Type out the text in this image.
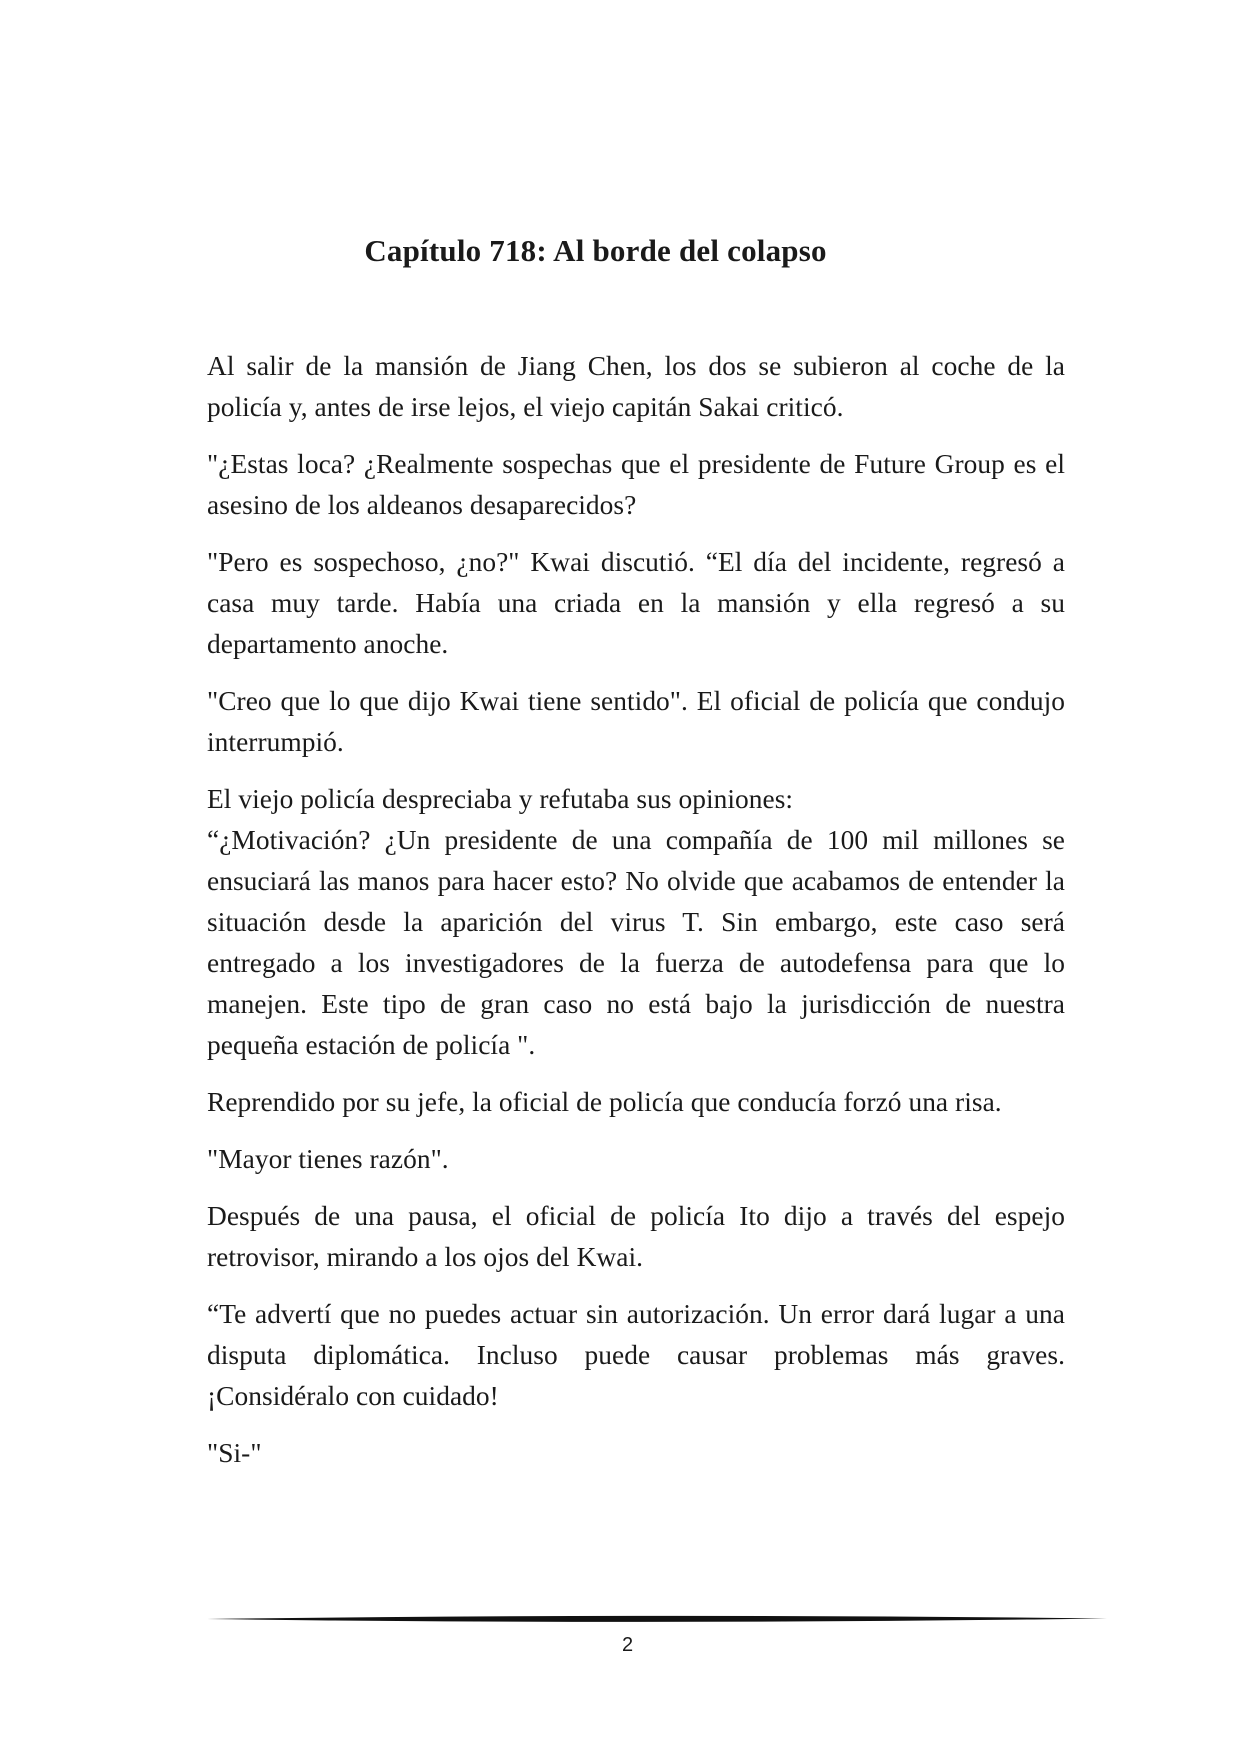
Capítulo 718: Al borde del colapso

Al salir de la mansión de Jiang Chen, los dos se subieron al coche de la policía y, antes de irse lejos, el viejo capitán Sakai criticó.

"¿Estas loca? ¿Realmente sospechas que el presidente de Future Group es el asesino de los aldeanos desaparecidos?

"Pero es sospechoso, ¿no?" Kwai discutió. “El día del incidente, regresó a casa muy tarde. Había una criada en la mansión y ella regresó a su departamento anoche.

"Creo que lo que dijo Kwai tiene sentido". El oficial de policía que condujo interrumpió.

El viejo policía despreciaba y refutaba sus opiniones:

“¿Motivación? ¿Un presidente de una compañía de 100 mil millones se ensuciará las manos para hacer esto? No olvide que acabamos de entender la situación desde la aparición del virus T. Sin embargo, este caso será entregado a los investigadores de la fuerza de autodefensa para que lo manejen. Este tipo de gran caso no está bajo la jurisdicción de nuestra pequeña estación de policía ".

Reprendido por su jefe, la oficial de policía que conducía forzó una risa.

"Mayor tienes razón".

Después de una pausa, el oficial de policía Ito dijo a través del espejo retrovisor, mirando a los ojos del Kwai.

“Te advertí que no puedes actuar sin autorización. Un error dará lugar a una disputa diplomática. Incluso puede causar problemas más graves. ¡Considéralo con cuidado!

"Si-"

2
